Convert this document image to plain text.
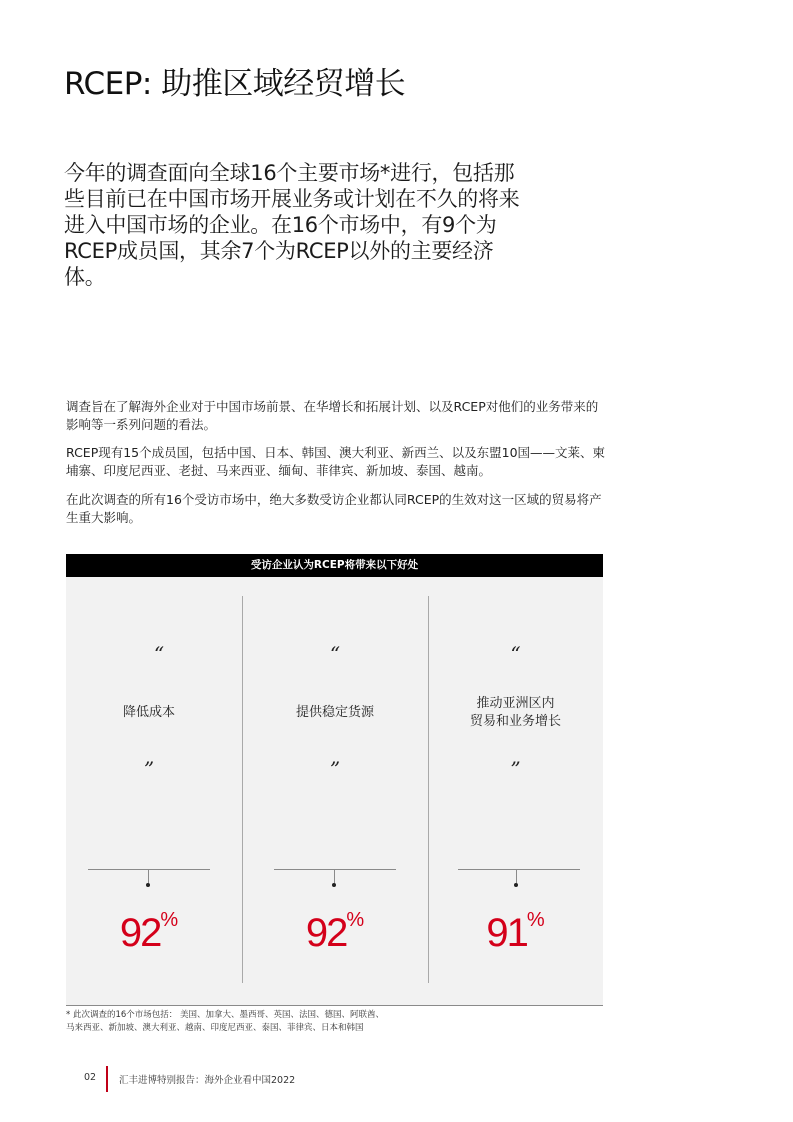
RCEP: 助推区域经贸增长

今年的调查面向全球16个主要市场*进行，包括那些目前已在中国市场开展业务或计划在不久的将来进入中国市场的企业。在16个市场中，有9个为RCEP成员国，其余7个为RCEP以外的主要经济体。

调查旨在了解海外企业对于中国市场前景、在华增长和拓展计划、以及RCEP对他们的业务带来的影响等一系列问题的看法。

RCEP现有15个成员国，包括中国、日本、韩国、澳大利亚、新西兰、以及东盟10国——文莱、柬埔寨、印度尼西亚、老挝、马来西亚、缅甸、菲律宾、新加坡、泰国、越南。

在此次调查的所有16个受访市场中，绝大多数受访企业都认同RCEP的生效对这一区域的贸易将产生重大影响。

受访企业认为RCEP将带来以下好处
“
降低成本
”
92%
“
提供稳定货源
”
92%
“
推动亚洲区内
贸易和业务增长
”
91%

* 此次调查的16个市场包括： 美国、加拿大、墨西哥、英国、法国、德国、阿联酋、
马来西亚、新加坡、澳大利亚、越南、印度尼西亚、泰国、菲律宾、日本和韩国

02 汇丰进博特别报告：海外企业看中国2022
